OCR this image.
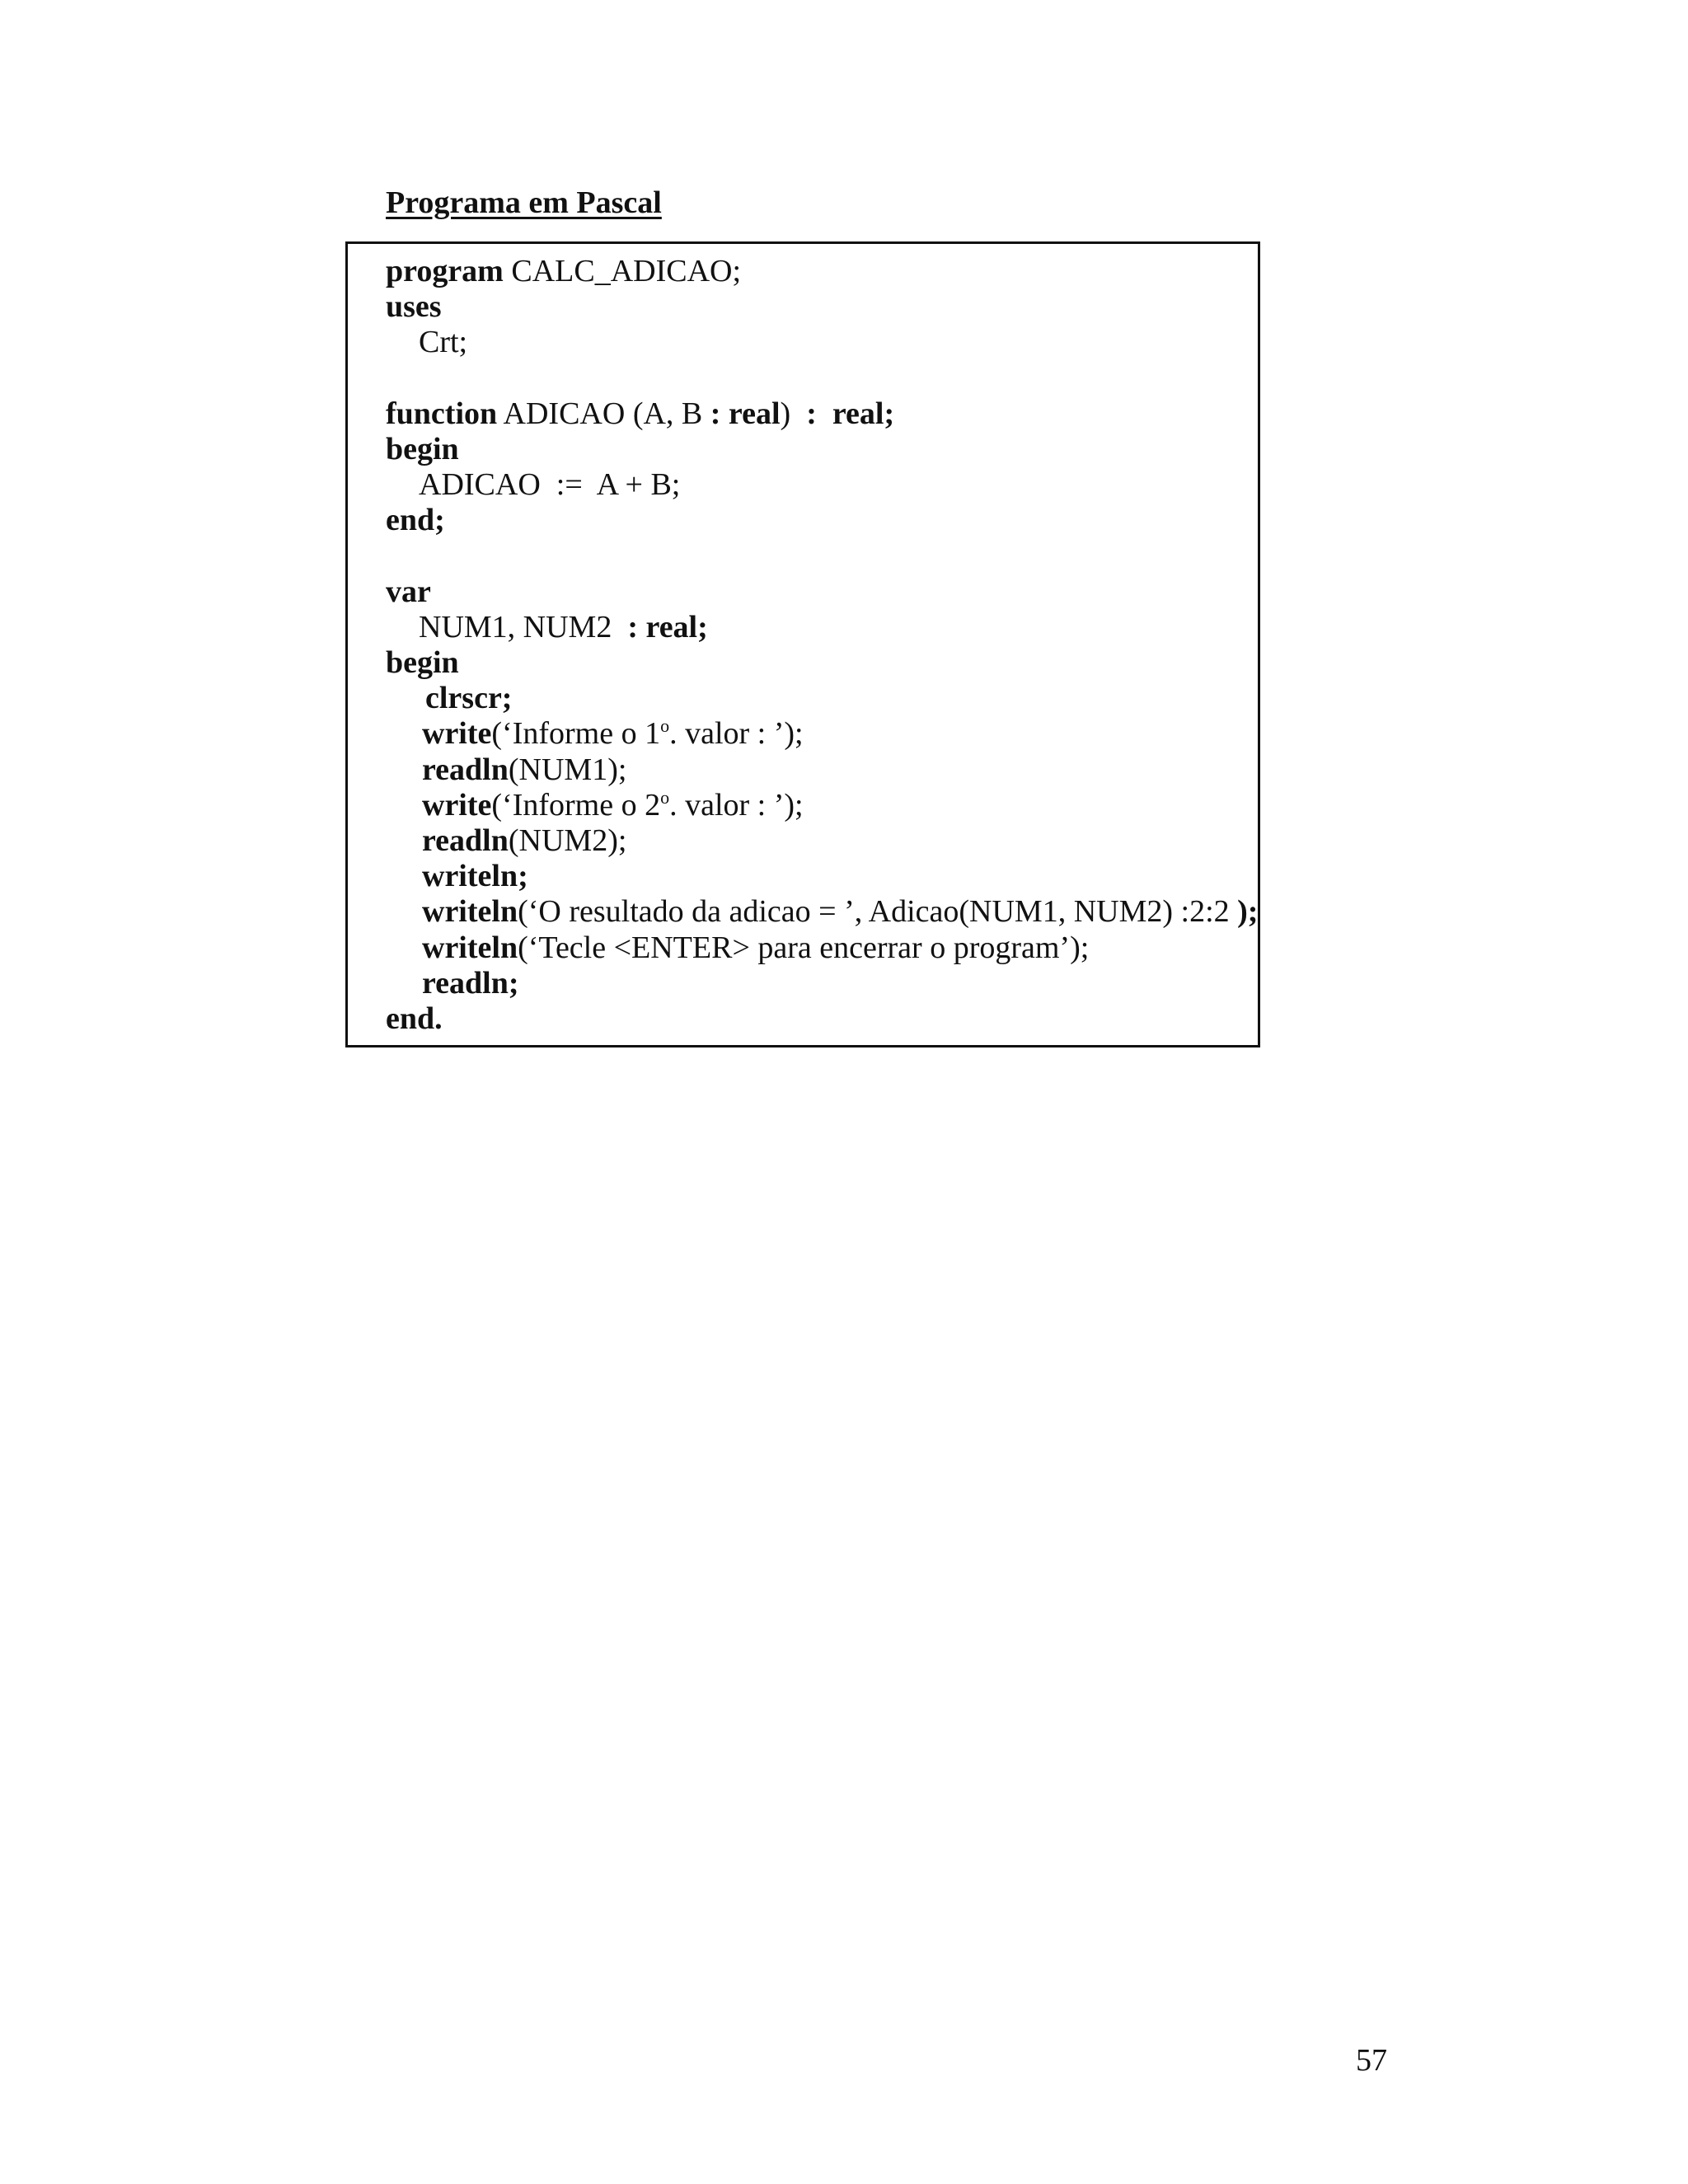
Programa em Pascal
program CALC_ADICAO;
uses
Crt;
function ADICAO (A, B : real)  :  real;
begin
ADICAO  :=  A + B;
end;
var
NUM1, NUM2  : real;
begin
clrscr;
write(‘Informe o 1$^o$. valor : ’);
readln(NUM1);
write(‘Informe o 2$^o$. valor : ’);
readln(NUM2);
writeln;
writeln(‘O resultado da adicao = ’, Adicao(NUM1, NUM2) :2:2 );
writeln(‘Tecle <ENTER> para encerrar o program’);
readln;
end.
57
